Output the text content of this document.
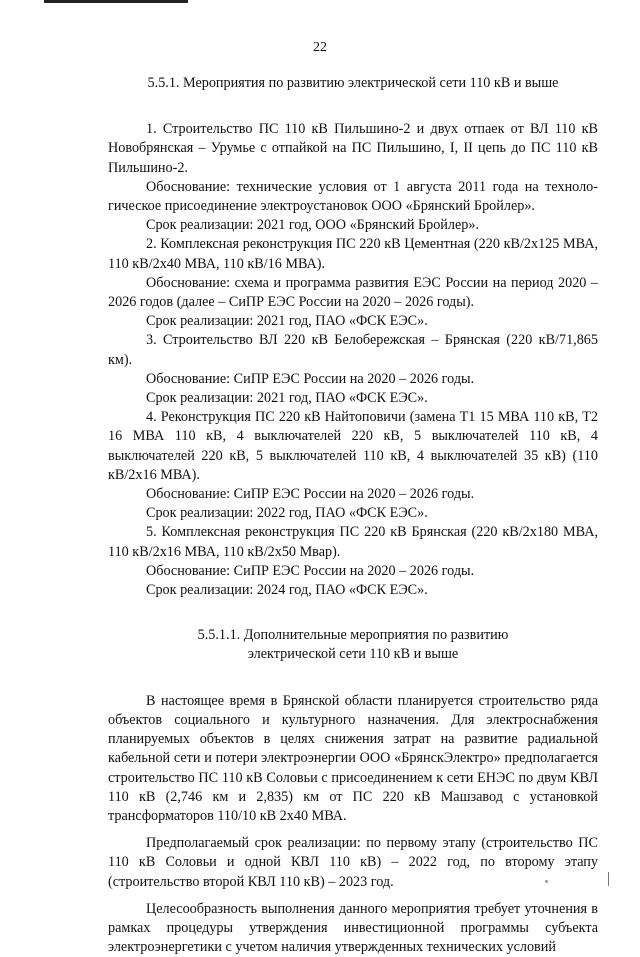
22
5.5.1. Мероприятия по развитию электрической сети 110 кВ и выше

1. Строительство ПС 110 кВ Пильшино-2 и двух отпаек от ВЛ 110 кВ Новобрянская – Урумье с отпайкой на ПС Пильшино, I, II цепь до ПС 110 кВ Пильшино-2.

Обоснование: технические условия от 1 августа 2011 года на технологическое присоединение электроустановок ООО «Брянский Бройлер».

Срок реализации: 2021 год, ООО «Брянский Бройлер».

2. Комплексная реконструкция ПС 220 кВ Цементная (220 кВ/2х125 МВА, 110 кВ/2х40 МВА, 110 кВ/16 МВА).

Обоснование: схема и программа развития ЕЭС России на период 2020 – 2026 годов (далее – СиПР ЕЭС России на 2020 – 2026 годы).

Срок реализации: 2021 год, ПАО «ФСК ЕЭС».

3. Строительство ВЛ 220 кВ Белобережская – Брянская (220 кВ/71,865 км).

Обоснование: СиПР ЕЭС России на 2020 – 2026 годы.

Срок реализации: 2021 год, ПАО «ФСК ЕЭС».

4. Реконструкция ПС 220 кВ Найтоповичи (замена Т1 15 МВА 110 кВ, Т2 16 МВА 110 кВ, 4 выключателей 220 кВ, 5 выключателей 110 кВ, 4 выключателей 220 кВ, 5 выключателей 110 кВ, 4 выключателей 35 кВ) (110 кВ/2х16 МВА).

Обоснование: СиПР ЕЭС России на 2020 – 2026 годы.

Срок реализации: 2022 год, ПАО «ФСК ЕЭС».

5. Комплексная реконструкция ПС 220 кВ Брянская (220 кВ/2х180 МВА, 110 кВ/2х16 МВА, 110 кВ/2х50 Мвар).

Обоснование: СиПР ЕЭС России на 2020 – 2026 годы.

Срок реализации: 2024 год, ПАО «ФСК ЕЭС».

5.5.1.1. Дополнительные мероприятия по развитию
электрической сети 110 кВ и выше

В настоящее время в Брянской области планируется строительство ряда объектов социального и культурного назначения. Для электроснабжения планируемых объектов в целях снижения затрат на развитие радиальной кабельной сети и потери электроэнергии ООО «БрянскЭлектро» предполагается строительство ПС 110 кВ Соловьи с присоединением к сети ЕНЭС по двум КВЛ 110 кВ (2,746 км и 2,835) км от ПС 220 кВ Машзавод с установкой трансформаторов 110/10 кВ 2х40 МВА.

Предполагаемый срок реализации: по первому этапу (строительство ПС 110 кВ Соловьи и одной КВЛ 110 кВ) – 2022 год, по второму этапу (строительство второй КВЛ 110 кВ) – 2023 год.

Целесообразность выполнения данного мероприятия требует уточнения в рамках процедуры утверждения инвестиционной программы субъекта электроэнергетики с учетом наличия утвержденных технических условий
